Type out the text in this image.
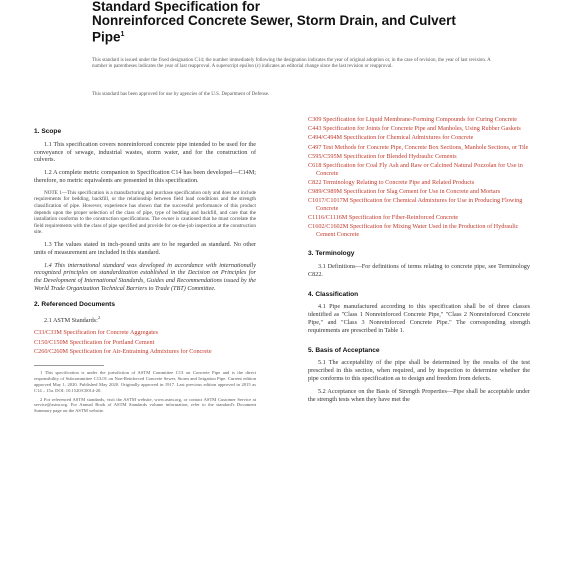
Standard Specification for
Nonreinforced Concrete Sewer, Storm Drain, and Culvert
Pipe$^1$
This standard is issued under the fixed designation C14; the number immediately following the designation indicates the year of original adoption or, in the case of revision, the year of last revision. A number in parentheses indicates the year of last reapproval. A superscript epsilon (ε) indicates an editorial change since the last revision or reapproval.
This standard has been approved for use by agencies of the U.S. Department of Defense.
1. Scope
1.1 This specification covers nonreinforced concrete pipe intended to be used for the conveyance of sewage, industrial wastes, storm water, and for the construction of culverts.
1.2 A complete metric companion to Specification C14 has been developed—C14M; therefore, no metric equivalents are presented in this specification.
NOTE 1—This specification is a manufacturing and purchase specification only and does not include requirements for bedding, backfill, or the relationship between field load conditions and the strength classification of pipe. However, experience has shown that the successful performance of this product depends upon the proper selection of the class of pipe, type of bedding and backfill, and care that the installation conforms to the construction specifications. The owner is cautioned that he must correlate the field requirements with the class of pipe specified and provide for on-the-job inspection at the construction site.
1.3 The values stated in inch-pound units are to be regarded as standard. No other units of measurement are included in this standard.
1.4 This international standard was developed in accordance with internationally recognized principles on standardization established in the Decision on Principles for the Development of International Standards, Guides and Recommendations issued by the World Trade Organization Technical Barriers to Trade (TBT) Committee.
2. Referenced Documents
2.1 ASTM Standards:$^2$
C33/C33M Specification for Concrete Aggregates
C150/C150M Specification for Portland Cement
C260/C260M Specification for Air-Entraining Admixtures for Concrete
1 This specification is under the jurisdiction of ASTM Committee C13 on Concrete Pipe and is the direct responsibility of Subcommittee C13.01 on Non-Reinforced Concrete Sewer, Storm and Irrigation Pipe. Current edition approved May 1, 2020. Published May 2020. Originally approved in 1917. Last previous edition approved in 2015 as C14 – 15a. DOI: 10.1520/C0014-20.
2 For referenced ASTM standards, visit the ASTM website, www.astm.org, or contact ASTM Customer Service at service@astm.org. For Annual Book of ASTM Standards volume information, refer to the standard's Document Summary page on the ASTM website.
C309 Specification for Liquid Membrane-Forming Compounds for Curing Concrete
C443 Specification for Joints for Concrete Pipe and Manholes, Using Rubber Gaskets
C494/C494M Specification for Chemical Admixtures for Concrete
C497 Test Methods for Concrete Pipe, Concrete Box Sections, Manhole Sections, or Tile
C595/C595M Specification for Blended Hydraulic Cements
C618 Specification for Coal Fly Ash and Raw or Calcined Natural Pozzolan for Use in Concrete
C822 Terminology Relating to Concrete Pipe and Related Products
C989/C989M Specification for Slag Cement for Use in Concrete and Mortars
C1017/C1017M Specification for Chemical Admixtures for Use in Producing Flowing Concrete
C1116/C1116M Specification for Fiber-Reinforced Concrete
C1602/C1602M Specification for Mixing Water Used in the Production of Hydraulic Cement Concrete
3. Terminology
3.1 Definitions—For definitions of terms relating to concrete pipe, see Terminology C822.
4. Classification
4.1 Pipe manufactured according to this specification shall be of three classes identified as "Class 1 Nonreinforced Concrete Pipe," "Class 2 Nonreinforced Concrete Pipe," and "Class 3 Nonreinforced Concrete Pipe." The corresponding strength requirements are prescribed in Table 1.
5. Basis of Acceptance
5.1 The acceptability of the pipe shall be determined by the results of the test prescribed in this section, when required, and by inspection to determine whether the pipe conforms to this specification as to design and freedom from defects.
5.2 Acceptance on the Basis of Strength Properties—Pipe shall be acceptable under the strength tests when they have met the
